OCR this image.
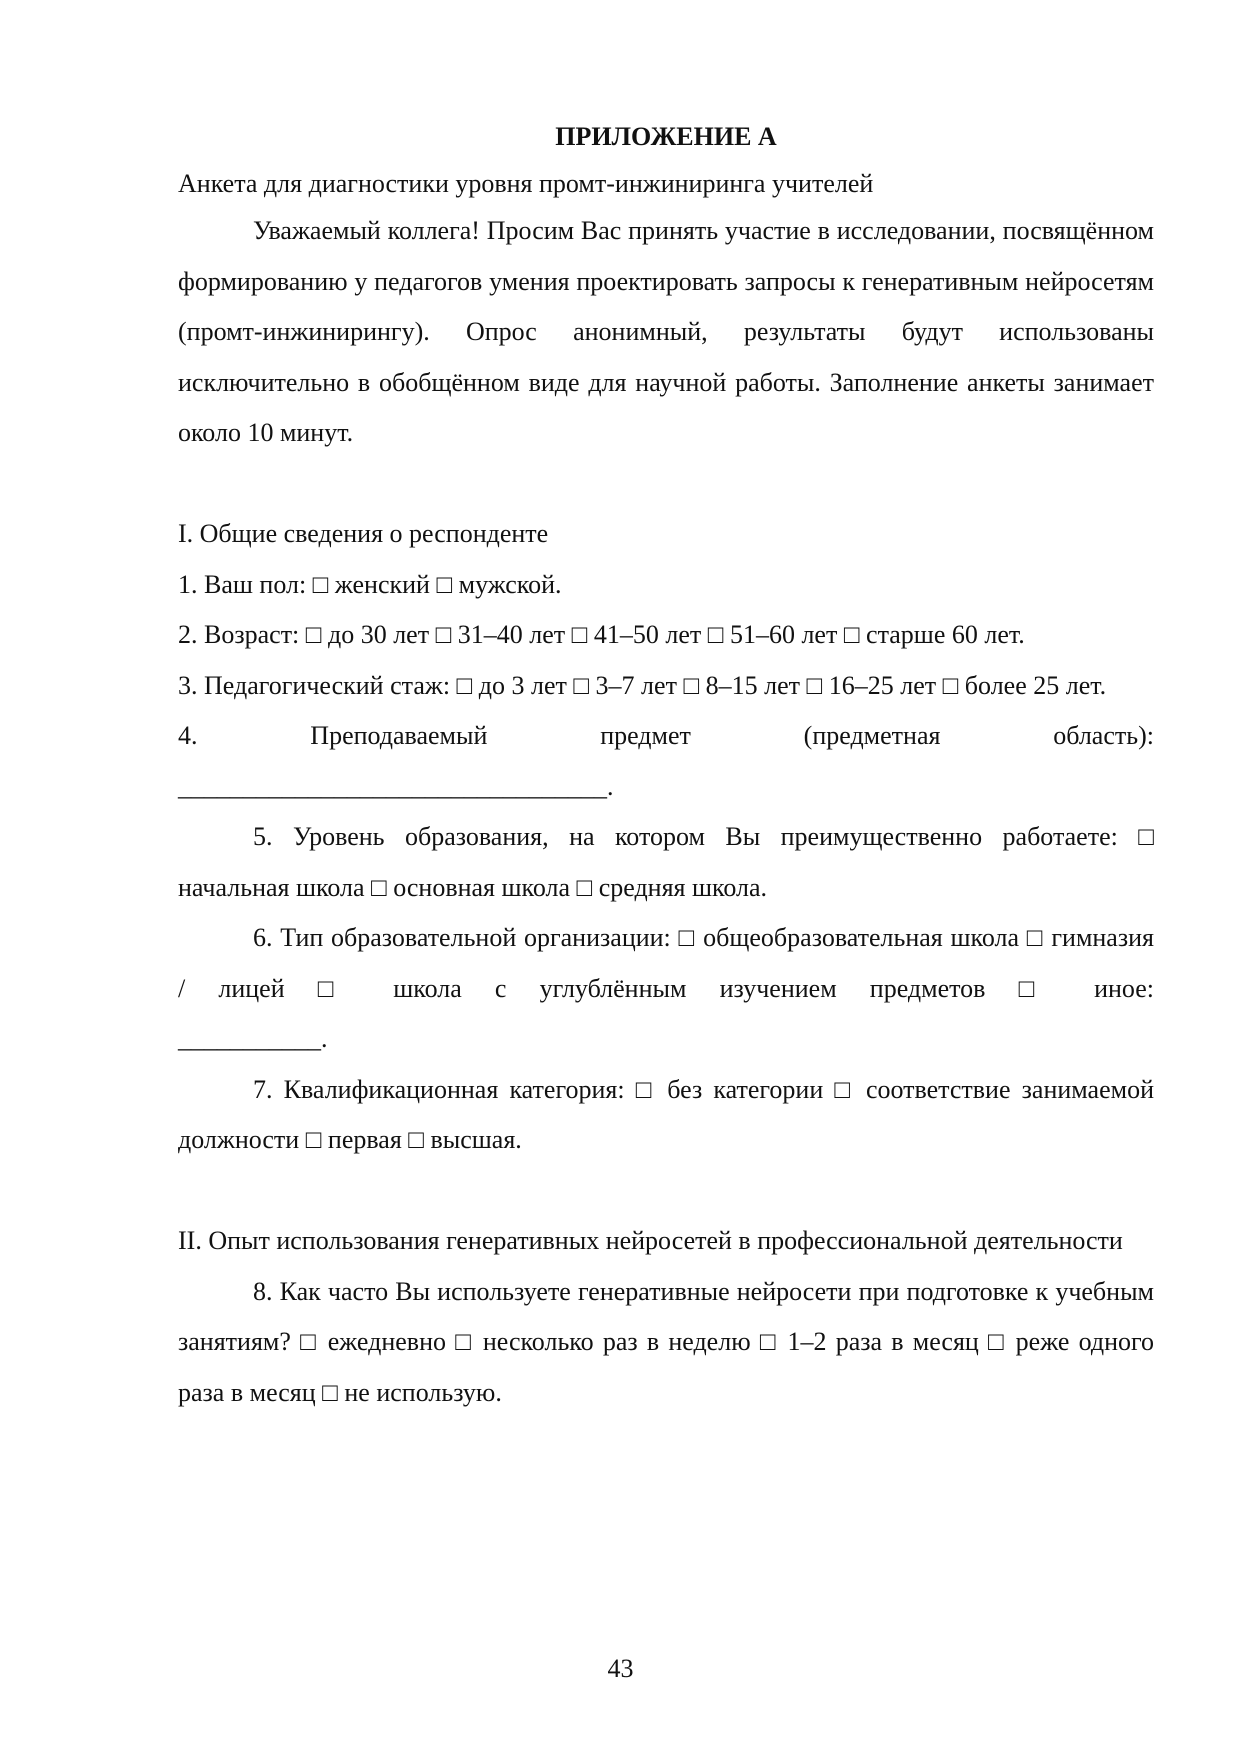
ПРИЛОЖЕНИЕ А

Анкета для диагностики уровня промт-инжиниринга учителей

Уважаемый коллега! Просим Вас принять участие в исследовании, посвящённом формированию у педагогов умения проектировать запросы к генеративным нейросетям (промт-инжинирингу). Опрос анонимный, результаты будут использованы исключительно в обобщённом виде для научной работы. Заполнение анкеты занимает около 10 минут.

I. Общие сведения о респонденте

1. Ваш пол: □ женский □ мужской.

2. Возраст: □ до 30 лет □ 31–40 лет □ 41–50 лет □ 51–60 лет □ старше 60 лет.

3. Педагогический стаж: □ до 3 лет □ 3–7 лет □ 8–15 лет □ 16–25 лет □ более 25 лет.

4. Преподаваемый предмет (предметная область):

_________________________________.

5. Уровень образования, на котором Вы преимущественно работаете: □ начальная школа □ основная школа □ средняя школа.

6. Тип образовательной организации: □ общеобразовательная школа □ гимназия / лицей □ школа с углублённым изучением предметов □ иное:

___________.

7. Квалификационная категория: □ без категории □ соответствие занимаемой должности □ первая □ высшая.

II. Опыт использования генеративных нейросетей в профессиональной деятельности

8. Как часто Вы используете генеративные нейросети при подготовке к учебным занятиям? □ ежедневно □ несколько раз в неделю □ 1–2 раза в месяц □ реже одного раза в месяц □ не использую.

43
